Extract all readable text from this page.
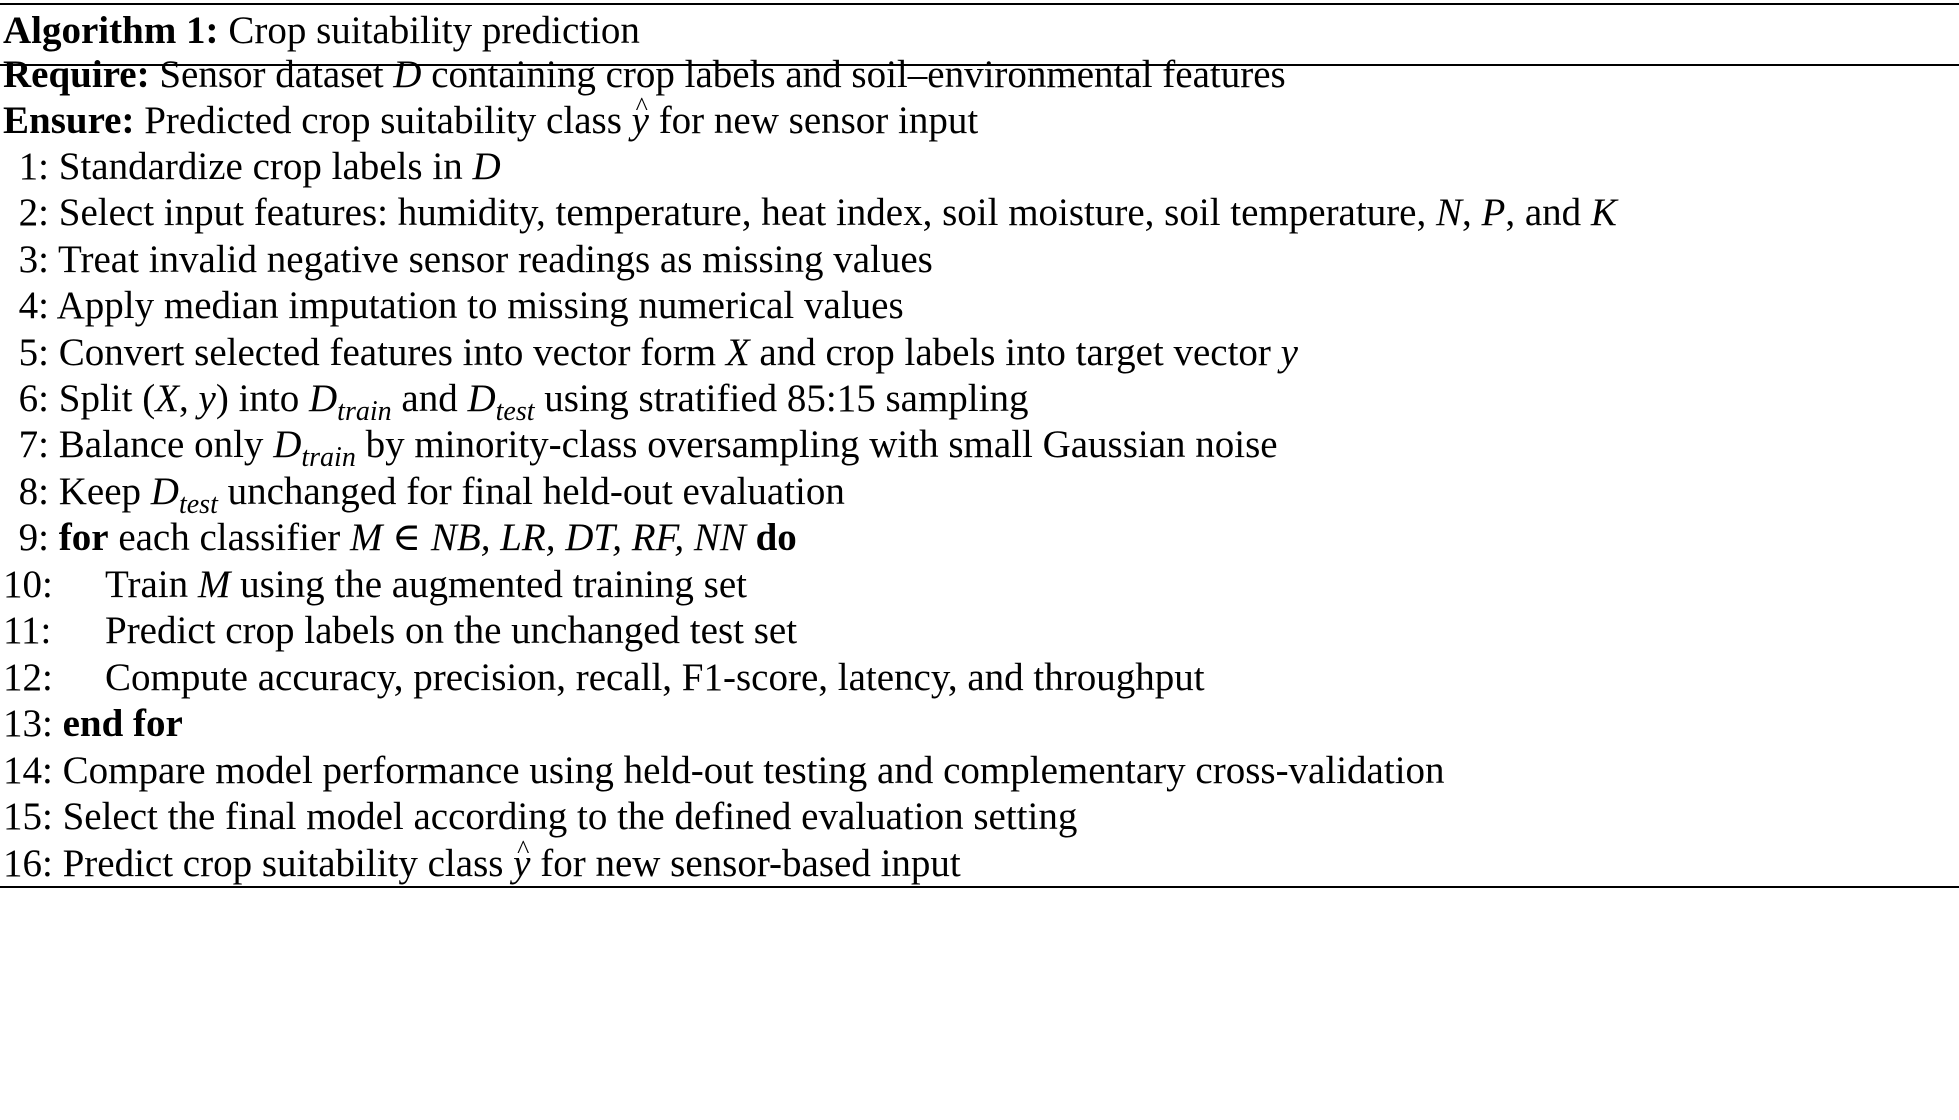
Algorithm 1: Crop suitability prediction
Require: Sensor dataset D containing crop labels and soil–environmental features
Ensure: Predicted crop suitability class y ^ for new sensor input
1: Standardize crop labels in D
2: Select input features: humidity, temperature, heat index, soil moisture, soil temperature, N, P, and K
3: Treat invalid negative sensor readings as missing values
4: Apply median imputation to missing numerical values
5: Convert selected features into vector form X and crop labels into target vector y
6: Split (X, y) into $D_{train}$ and $D_{test}$ using stratified 85:15 sampling
7: Balance only $D_{train}$ by minority-class oversampling with small Gaussian noise
8: Keep $D_{test}$ unchanged for final held-out evaluation
9: for each classifier M ∈ NB, LR, DT, RF, NN do
10: Train M using the augmented training set
11: Predict crop labels on the unchanged test set
12: Compute accuracy, precision, recall, F1-score, latency, and throughput
13: end for
14: Compare model performance using held-out testing and complementary cross-validation
15: Select the final model according to the defined evaluation setting
16: Predict crop suitability class y ^ for new sensor-based input
